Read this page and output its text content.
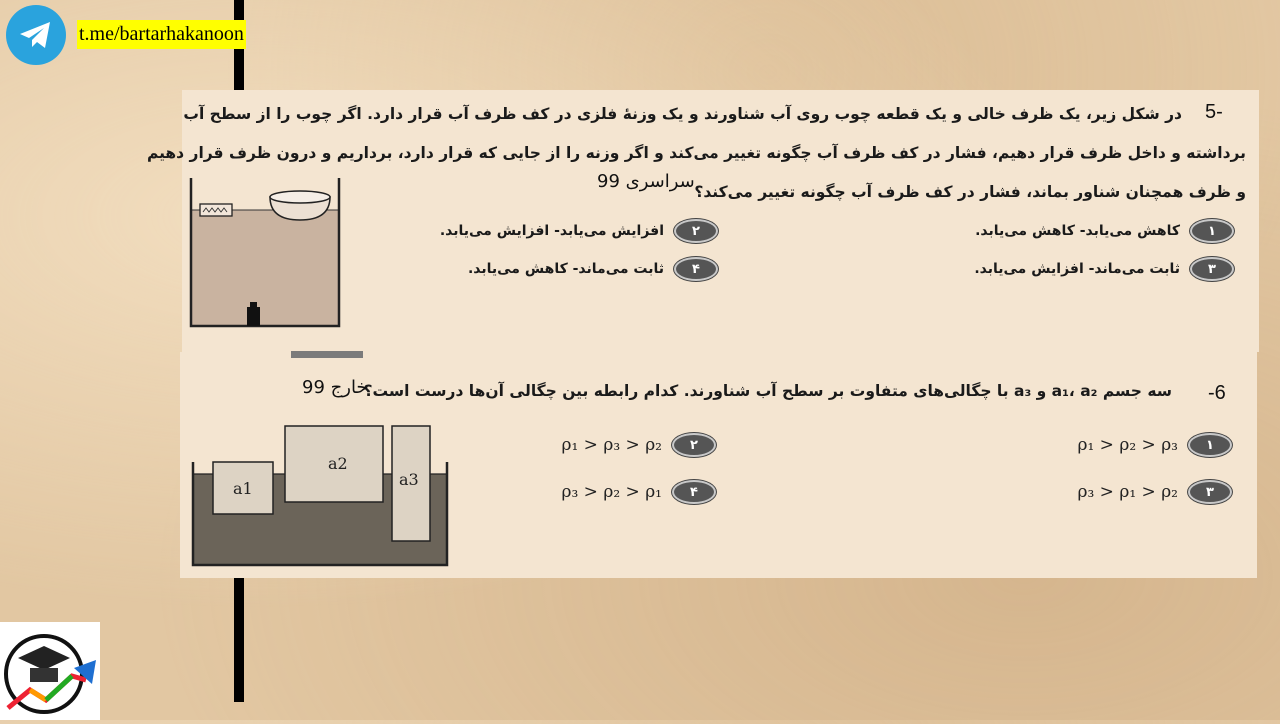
t.me/bartarhakanoon
5-
در شکل زیر، یک ظرف خالی و یک قطعه چوب روی آب شناورند و یک وزنهٔ فلزی در کف ظرف آب قرار دارد. اگر چوب را از سطح آب
برداشته و داخل ظرف قرار دهیم، فشار در کف ظرف آب چگونه تغییر می‌کند و اگر وزنه را از جایی که قرار دارد، برداریم و درون ظرف قرار دهیم
و ظرف همچنان شناور بماند، فشار در کف ظرف آب چگونه تغییر می‌کند؟
سراسری 99
۱
کاهش می‌یابد- کاهش می‌یابد.
۲
افزایش می‌یابد- افزایش می‌یابد.
۳
ثابت می‌ماند- افزایش می‌یابد.
۴
ثابت می‌ماند- کاهش می‌یابد.
-6
سه جسم a₁، a₂ و a₃ با چگالی‌های متفاوت بر سطح آب شناورند. کدام رابطه بین چگالی آن‌ها درست است؟
خارج 99
a1
a2
a3
۱
ρ₁ > ρ₂ > ρ₃
۲
ρ₁ > ρ₃ > ρ₂
۳
ρ₃ > ρ₁ > ρ₂
۴
ρ₃ > ρ₂ > ρ₁
